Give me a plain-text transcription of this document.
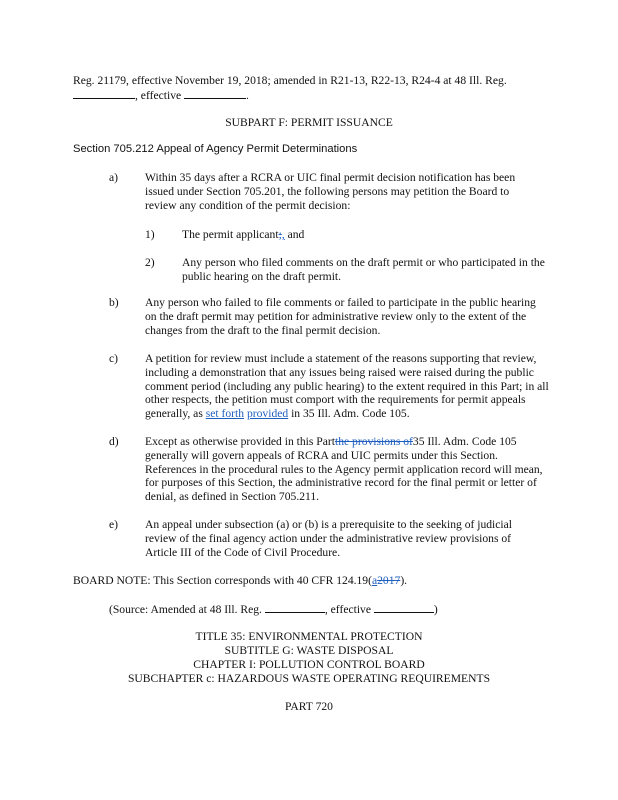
Reg. 21179, effective November 19, 2018; amended in R21-13, R22-13, R24-4 at 48 Ill. Reg.

, effective	.

SUBPART F: PERMIT ISSUANCE

Section 705.212 Appeal of Agency Permit Determinations

a) Within 35 days after a RCRA or UIC final permit decision notification has been issued under Section 705.201, the following persons may petition the Board to review any condition of the permit decision:

1) The permit applicant;, and

2) Any person who filed comments on the draft permit or who participated in the public hearing on the draft permit.

b) Any person who failed to file comments or failed to participate in the public hearing on the draft permit may petition for administrative review only to the extent of the changes from the draft to the final permit decision.

c) A petition for review must include a statement of the reasons supporting that review, including a demonstration that any issues being raised were raised during the public comment period (including any public hearing) to the extent required in this Part; in all other respects, the petition must comport with the requirements for permit appeals generally, as set forth provided in 35 Ill. Adm. Code 105.

d) Except as otherwise provided in this Partthe provisions of35 Ill. Adm. Code 105 generally will govern appeals of RCRA and UIC permits under this Section. References in the procedural rules to the Agency permit application record will mean, for purposes of this Section, the administrative record for the final permit or letter of denial, as defined in Section 705.211.

e) An appeal under subsection (a) or (b) is a prerequisite to the seeking of judicial review of the final agency action under the administrative review provisions of Article III of the Code of Civil Procedure.

BOARD NOTE: This Section corresponds with 40 CFR 124.19(a2017).

(Source: Amended at 48 Ill. Reg.	, effective	)

TITLE 35: ENVIRONMENTAL PROTECTION

SUBTITLE G: WASTE DISPOSAL

CHAPTER I: POLLUTION CONTROL BOARD

SUBCHAPTER c: HAZARDOUS WASTE OPERATING REQUIREMENTS

PART 720
